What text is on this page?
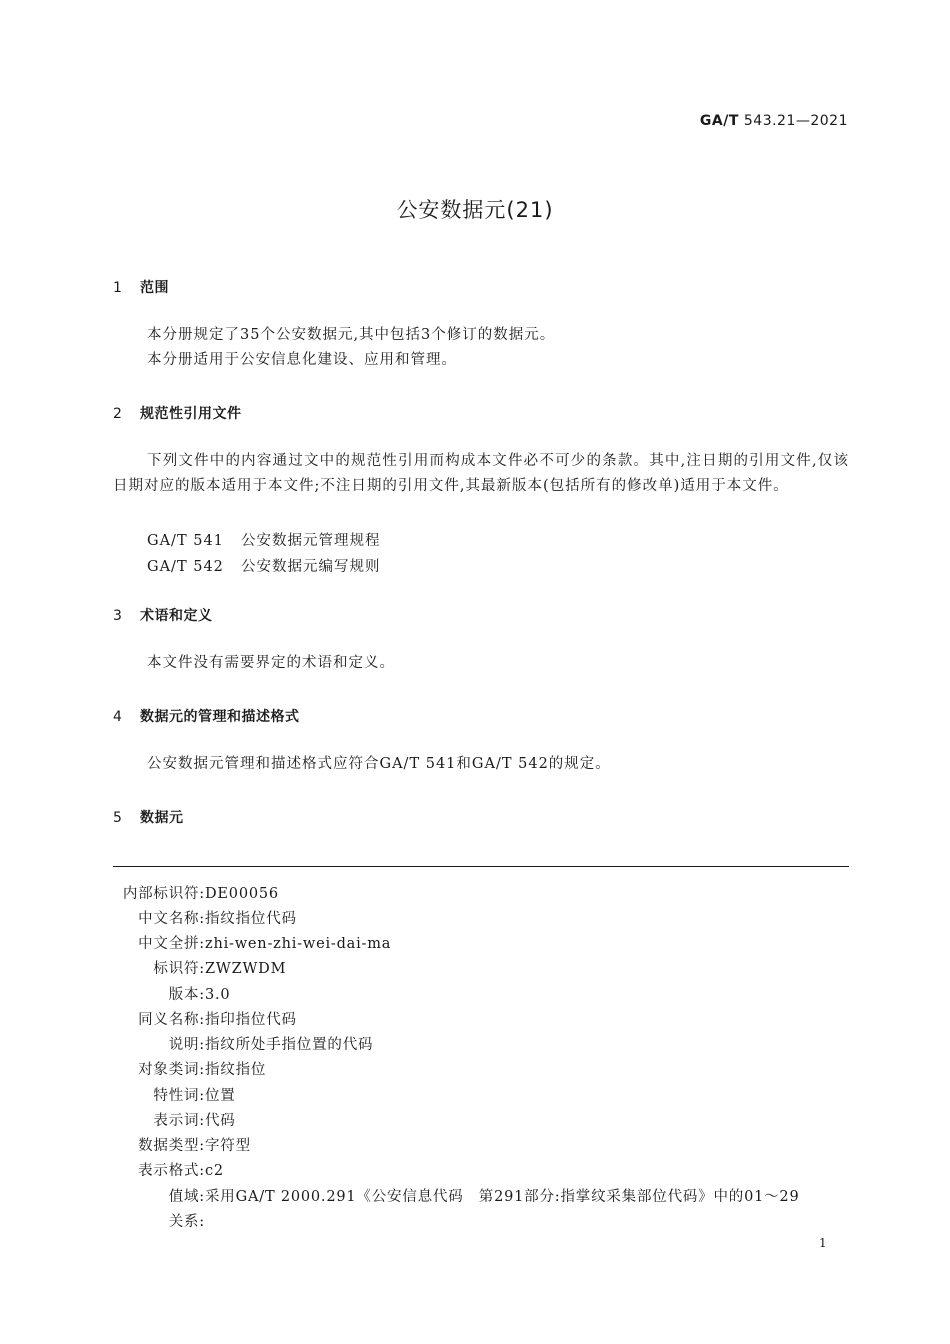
GA/T 543.21—2021
公安数据元(21)
1 范围
本分册规定了35个公安数据元,其中包括3个修订的数据元。
本分册适用于公安信息化建设、应用和管理。
2 规范性引用文件
下列文件中的内容通过文中的规范性引用而构成本文件必不可少的条款。其中,注日期的引用文件,仅该日期对应的版本适用于本文件;不注日期的引用文件,其最新版本(包括所有的修改单)适用于本文件。
GA/T 541 公安数据元管理规程
GA/T 542 公安数据元编写规则
3 术语和定义
本文件没有需要界定的术语和定义。
4 数据元的管理和描述格式
公安数据元管理和描述格式应符合GA/T 541和GA/T 542的规定。
5 数据元
内部标识符:DE00056
中文名称:指纹指位代码
中文全拼:zhi-wen-zhi-wei-dai-ma
标识符:ZWZWDM
版本:3.0
同义名称:指印指位代码
说明:指纹所处手指位置的代码
对象类词:指纹指位
特性词:位置
表示词:代码
数据类型:字符型
表示格式:c2
值域:采用GA/T 2000.291《公安信息代码　第291部分:指掌纹采集部位代码》中的01～29
关系:
1
